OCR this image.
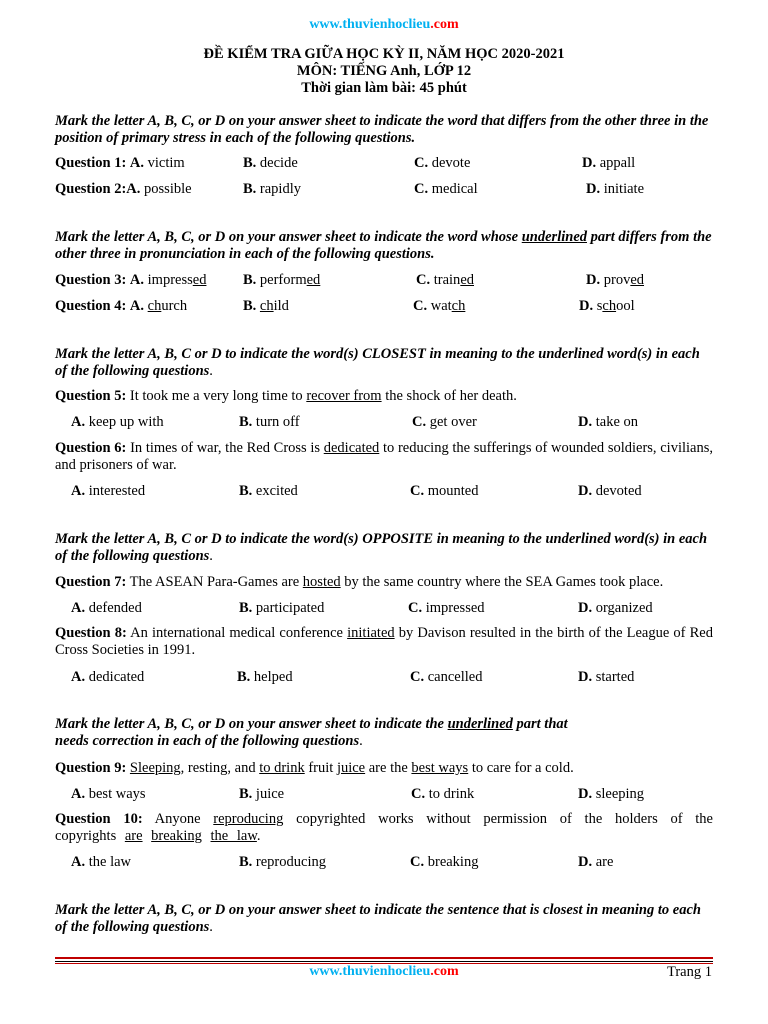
www.thuvienhoclieu.com
ĐỀ KIỂM TRA GIỮA HỌC KỲ II, NĂM HỌC 2020-2021
MÔN: TIẾNG Anh, LỚP 12
Thời gian làm bài: 45 phút
Mark the letter A, B, C, or D on your answer sheet to indicate the word that differs from the other three in the position of primary stress in each of the following questions.
Question 1: A. victim	B. decide	C. devote	D. appall
Question 2:A. possible	B. rapidly	C. medical	D. initiate
Mark the letter A, B, C, or D on your answer sheet to indicate the word whose underlined part differs from the other three in pronunciation in each of the following questions.
Question 3: A. impressed	B. performed	C. trained	D. proved
Question 4: A. church	B. child	C. watch	D. school
Mark the letter A, B, C or D to indicate the word(s) CLOSEST in meaning to the underlined word(s) in each of the following questions.
Question 5: It took me a very long time to recover from the shock of her death.
A. keep up with	B. turn off	C. get over	D. take on
Question 6: In times of war, the Red Cross is dedicated to reducing the sufferings of wounded soldiers, civilians, and prisoners of war.
A. interested	B. excited	C. mounted	D. devoted
Mark the letter A, B, C or D to indicate the word(s) OPPOSITE in meaning to the underlined word(s) in each of the following questions.
Question 7: The ASEAN Para-Games are hosted by the same country where the SEA Games took place.
A. defended	B. participated	C. impressed	D. organized
Question 8: An international medical conference initiated by Davison resulted in the birth of the League of Red Cross Societies in 1991.
A. dedicated	B. helped	C. cancelled	D. started
Mark the letter A, B, C, or D on your answer sheet to indicate the underlined part that
needs correction in each of the following questions.
Question 9: Sleeping, resting, and to drink fruit juice are the best ways to care for a cold.
A. best ways	B. juice	C. to drink	D. sleeping
Question 10: Anyone reproducing copyrighted works without permission of the holders of the copyrights are breaking the law.
A. the law	B. reproducing	C. breaking	D. are
Mark the letter A, B, C, or D on your answer sheet to indicate the sentence that is closest in meaning to each of the following questions.
www.thuvienhoclieu.com	Trang 1
